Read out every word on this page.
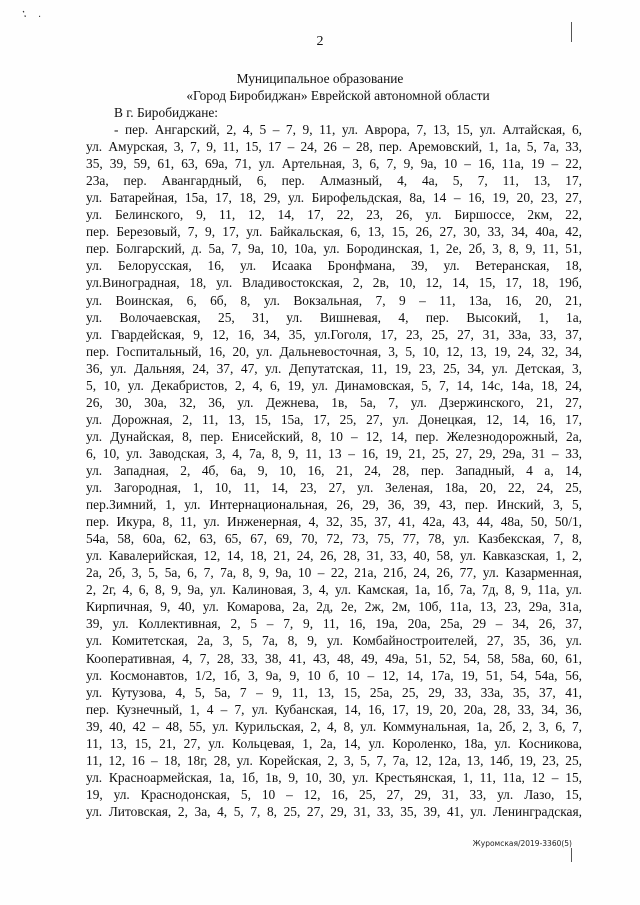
: ·
2
Муниципальное образование
«Город Биробиджан» Еврейской автономной области
В г. Биробиджане:
- пер. Ангарский, 2, 4, 5 – 7, 9, 11, ул. Аврора, 7, 13, 15, ул. Алтайская, 6,
ул. Амурская, 3, 7, 9, 11, 15, 17 – 24, 26 – 28, пер. Аремовский, 1, 1а, 5, 7а, 33,
35, 39, 59, 61, 63, 69а, 71, ул. Артельная, 3, 6, 7, 9, 9а, 10 – 16, 11а, 19 – 22,
23а, пер. Авангардный, 6, пер. Алмазный, 4, 4а, 5, 7, 11, 13, 17,
ул. Батарейная, 15а, 17, 18, 29, ул. Бирофельдская, 8а, 14 – 16, 19, 20, 23, 27,
ул. Белинского, 9, 11, 12, 14, 17, 22, 23, 26, ул. Биршоссе, 2км, 22,
пер. Березовый, 7, 9, 17, ул. Байкальская, 6, 13, 15, 26, 27, 30, 33, 34, 40а, 42,
пер. Болгарский, д. 5а, 7, 9а, 10, 10а, ул. Бородинская, 1, 2е, 2б, 3, 8, 9, 11, 51,
ул. Белорусская, 16, ул. Исаака Бронфмана, 39, ул. Ветеранская, 18,
ул.Виноградная, 18, ул. Владивостокская, 2, 2в, 10, 12, 14, 15, 17, 18, 19б,
ул. Воинская, 6, 6б, 8, ул. Вокзальная, 7, 9 – 11, 13а, 16, 20, 21,
ул. Волочаевская, 25, 31, ул. Вишневая, 4, пер. Высокий, 1, 1а,
ул. Гвардейская, 9, 12, 16, 34, 35, ул.Гоголя, 17, 23, 25, 27, 31, 33а, 33, 37,
пер. Госпитальный, 16, 20, ул. Дальневосточная, 3, 5, 10, 12, 13, 19, 24, 32, 34,
36, ул. Дальняя, 24, 37, 47, ул. Депутатская, 11, 19, 23, 25, 34, ул. Детская, 3,
5, 10, ул. Декабристов, 2, 4, 6, 19, ул. Динамовская, 5, 7, 14, 14с, 14а, 18, 24,
26, 30, 30а, 32, 36, ул. Дежнева, 1в, 5а, 7, ул. Дзержинского, 21, 27,
ул. Дорожная, 2, 11, 13, 15, 15а, 17, 25, 27, ул. Донецкая, 12, 14, 16, 17,
ул. Дунайская, 8, пер. Енисейский, 8, 10 – 12, 14, пер. Железнодорожный, 2а,
6, 10, ул. Заводская, 3, 4, 7а, 8, 9, 11, 13 – 16, 19, 21, 25, 27, 29, 29а, 31 – 33,
ул. Западная, 2, 4б, 6а, 9, 10, 16, 21, 24, 28, пер. Западный, 4 а, 14,
ул. Загородная, 1, 10, 11, 14, 23, 27, ул. Зеленая, 18а, 20, 22, 24, 25,
пер.Зимний, 1, ул. Интернациональная, 26, 29, 36, 39, 43, пер. Инский, 3, 5,
пер. Икура, 8, 11, ул. Инженерная, 4, 32, 35, 37, 41, 42а, 43, 44, 48а, 50, 50/1,
54а, 58, 60а, 62, 63, 65, 67, 69, 70, 72, 73, 75, 77, 78, ул. Казбекская, 7, 8,
ул. Кавалерийская, 12, 14, 18, 21, 24, 26, 28, 31, 33, 40, 58, ул. Кавказская, 1, 2,
2а, 2б, 3, 5, 5а, 6, 7, 7а, 8, 9, 9а, 10 – 22, 21а, 21б, 24, 26, 77, ул. Казарменная,
2, 2г, 4, 6, 8, 9, 9а, ул. Калиновая, 3, 4, ул. Камская, 1а, 1б, 7а, 7д, 8, 9, 11а, ул.
Кирпичная, 9, 40, ул. Комарова, 2а, 2д, 2е, 2ж, 2м, 10б, 11а, 13, 23, 29а, 31а,
39, ул. Коллективная, 2, 5 – 7, 9, 11, 16, 19а, 20а, 25а, 29 – 34, 26, 37,
ул. Комитетская, 2а, 3, 5, 7а, 8, 9, ул. Комбайностроителей, 27, 35, 36, ул.
Кооперативная, 4, 7, 28, 33, 38, 41, 43, 48, 49, 49а, 51, 52, 54, 58, 58а, 60, 61,
ул. Космонавтов, 1/2, 1б, 3, 9а, 9, 10 б, 10 – 12, 14, 17а, 19, 51, 54, 54а, 56,
ул. Кутузова, 4, 5, 5а, 7 – 9, 11, 13, 15, 25а, 25, 29, 33, 33а, 35, 37, 41,
пер. Кузнечный, 1, 4 – 7, ул. Кубанская, 14, 16, 17, 19, 20, 20а, 28, 33, 34, 36,
39, 40, 42 – 48, 55, ул. Курильская, 2, 4, 8, ул. Коммунальная, 1а, 2б, 2, 3, 6, 7,
11, 13, 15, 21, 27, ул. Кольцевая, 1, 2а, 14, ул. Короленко, 18а, ул. Косникова,
11, 12, 16 – 18, 18г, 28, ул. Корейская, 2, 3, 5, 7, 7а, 12, 12а, 13, 14б, 19, 23, 25,
ул. Красноармейская, 1а, 1б, 1в, 9, 10, 30, ул. Крестьянская, 1, 11, 11а, 12 – 15,
19, ул. Краснодонская, 5, 10 – 12, 16, 25, 27, 29, 31, 33, ул. Лазо, 15,
ул. Литовская, 2, 3а, 4, 5, 7, 8, 25, 27, 29, 31, 33, 35, 39, 41, ул. Ленинградская,
Журомская/2019-3360(5)
